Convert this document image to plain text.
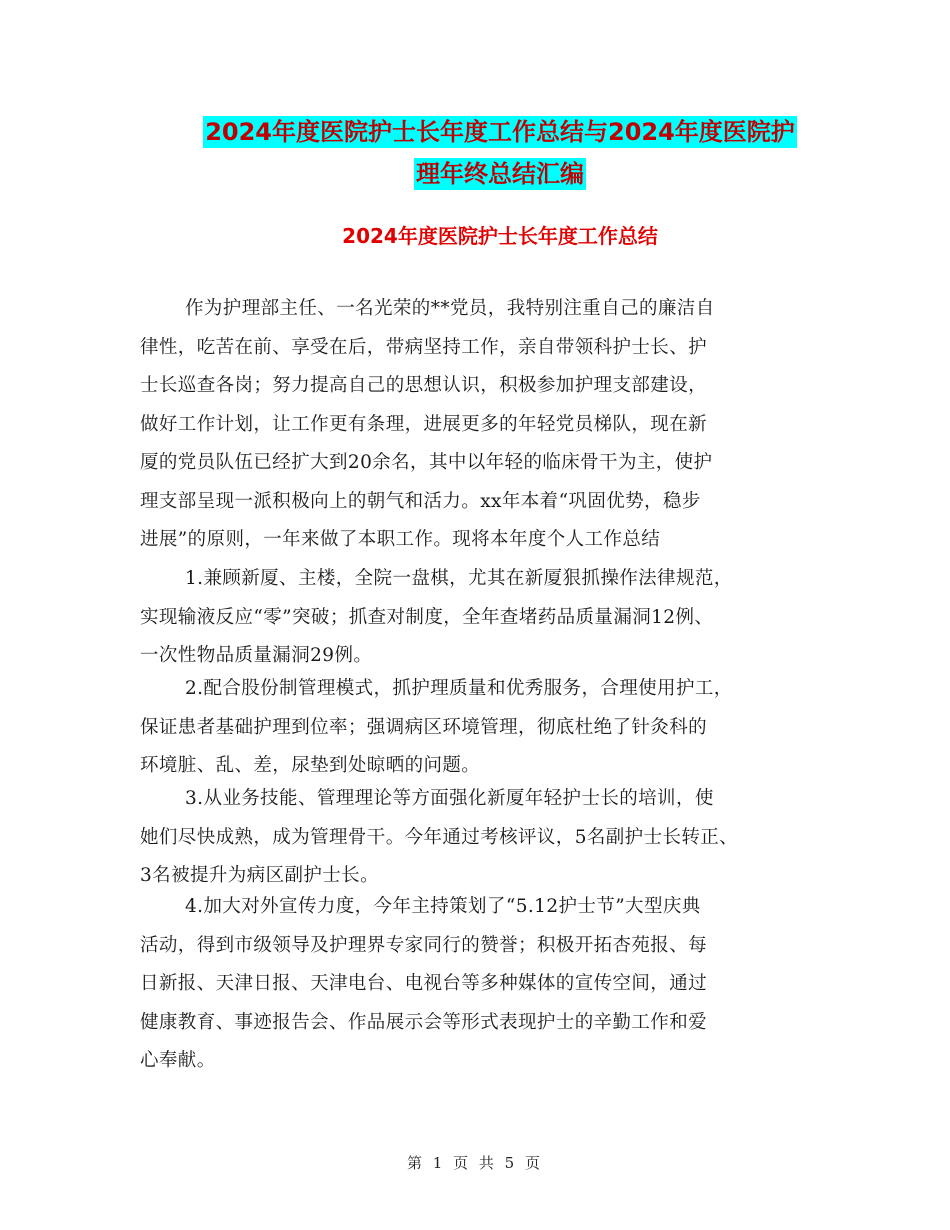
2024年度医院护士长年度工作总结与2024年度医院护
理年终总结汇编
2024年度医院护士长年度工作总结
作为护理部主任、一名光荣的**党员，我特别注重自己的廉洁自
律性，吃苦在前、享受在后，带病坚持工作，亲自带领科护士长、护
士长巡查各岗；努力提高自己的思想认识，积极参加护理支部建设，
做好工作计划，让工作更有条理，进展更多的年轻党员梯队，现在新
厦的党员队伍已经扩大到20余名，其中以年轻的临床骨干为主，使护
理支部呈现一派积极向上的朝气和活力。xx年本着“巩固优势，稳步
进展”的原则，一年来做了本职工作。现将本年度个人工作总结
1.兼顾新厦、主楼，全院一盘棋，尤其在新厦狠抓操作法律规范，
实现输液反应“零”突破；抓查对制度，全年查堵药品质量漏洞12例、
一次性物品质量漏洞29例。
2.配合股份制管理模式，抓护理质量和优秀服务，合理使用护工，
保证患者基础护理到位率；强调病区环境管理，彻底杜绝了针灸科的
环境脏、乱、差，尿垫到处晾晒的问题。
3.从业务技能、管理理论等方面强化新厦年轻护士长的培训，使
她们尽快成熟，成为管理骨干。今年通过考核评议，5名副护士长转正、
3名被提升为病区副护士长。
4.加大对外宣传力度，今年主持策划了“5.12护士节”大型庆典
活动，得到市级领导及护理界专家同行的赞誉；积极开拓杏苑报、每
日新报、天津日报、天津电台、电视台等多种媒体的宣传空间，通过
健康教育、事迹报告会、作品展示会等形式表现护士的辛勤工作和爱
心奉献。
第 1 页 共 5 页
